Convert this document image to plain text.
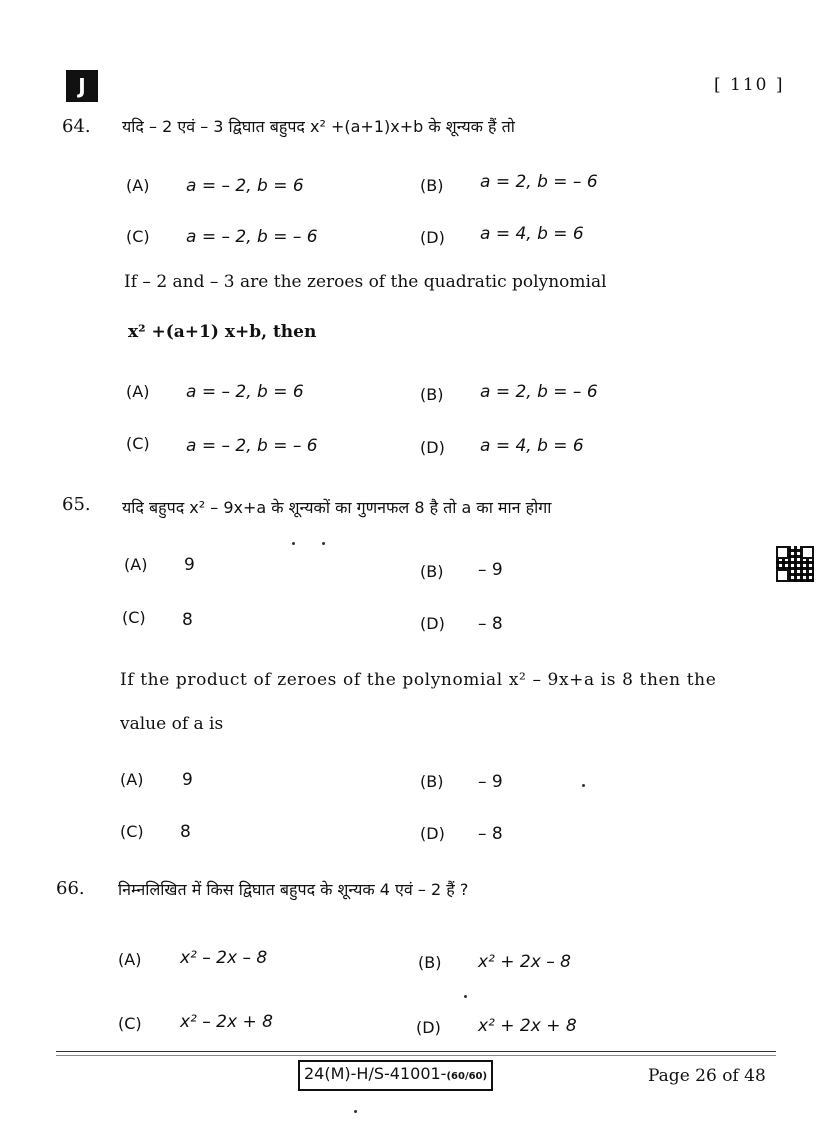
J	[ 110 ]
64. यदि – 2 एवं – 3 द्विघात बहुपद x² +(a+1)x+b के शून्यक हैं तो
(A) a = – 2, b = 6	(B) a = 2, b = – 6
(C) a = – 2, b = – 6	(D) a = 4, b = 6
If – 2 and – 3 are the zeroes of the quadratic polynomial
x² +(a+1) x+b, then
(A) a = – 2, b = 6	(B) a = 2, b = – 6
(C) a = – 2, b = – 6	(D) a = 4, b = 6
65. यदि बहुपद x² – 9x+a के शून्यकों का गुणनफल 8 है तो a का मान होगा
(A) 9	(B) – 9
(C) 8	(D) – 8
If the product of zeroes of the polynomial x² – 9x+a is 8 then the
value of a is
(A) 9	(B) – 9
(C) 8	(D) – 8
66. निम्नलिखित में किस द्विघात बहुपद के शून्यक 4 एवं – 2 हैं ?
(A) x² – 2x – 8	(B) x² + 2x – 8
(C) x² – 2x + 8	(D) x² + 2x + 8
24(M)-H/S-41001-(60/60)	Page 26 of 48
